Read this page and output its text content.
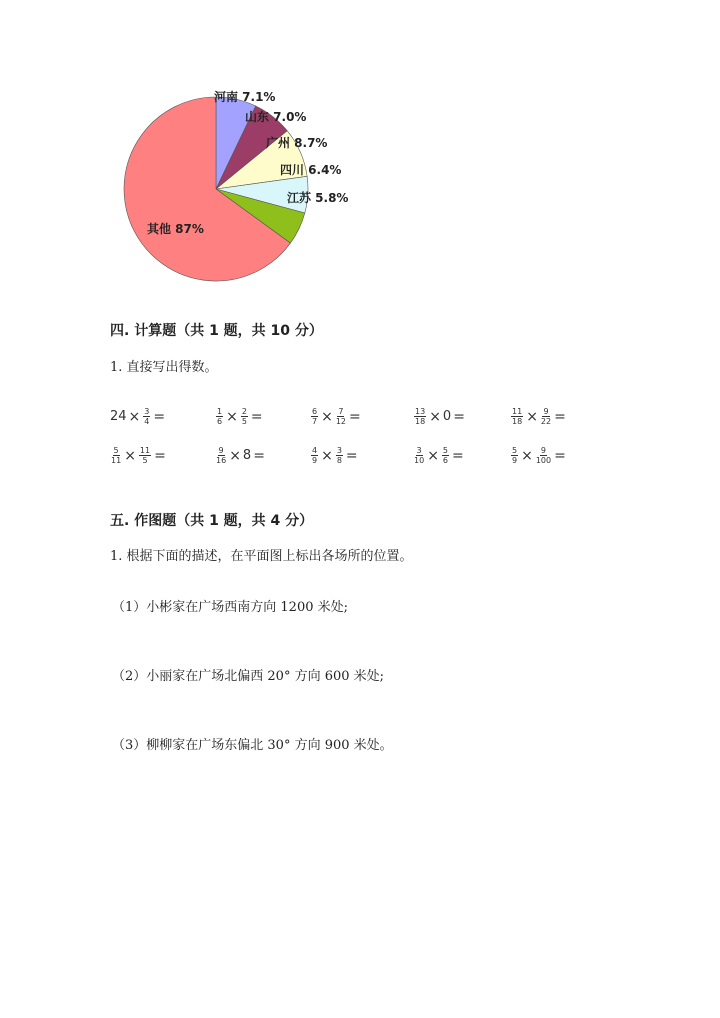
河南 7.1%
山东 7.0%
广州 8.7%
四川 6.4%
江苏 5.8%
其他 87%
四. 计算题（共 1 题，共 10 分）
1. 直接写出得数。
$24 \times \frac{3}{4}$ =	$\frac{1}{6} \times \frac{2}{5}$ =	$\frac{6}{7} \times \frac{7}{12}$ =	$\frac{13}{18} \times 0$ =	$\frac{11}{18} \times \frac{9}{22}$ =
$\frac{5}{11} \times \frac{11}{5}$ =	$\frac{9}{16} \times 8$ =	$\frac{4}{9} \times \frac{3}{8}$ =	$\frac{3}{10} \times \frac{5}{6}$ =	$\frac{5}{9} \times \frac{9}{100}$ =
五. 作图题（共 1 题，共 4 分）
1. 根据下面的描述，在平面图上标出各场所的位置。
（1）小彬家在广场西南方向 1200 米处;
（2）小丽家在广场北偏西 20° 方向 600 米处;
（3）柳柳家在广场东偏北 30° 方向 900 米处。
